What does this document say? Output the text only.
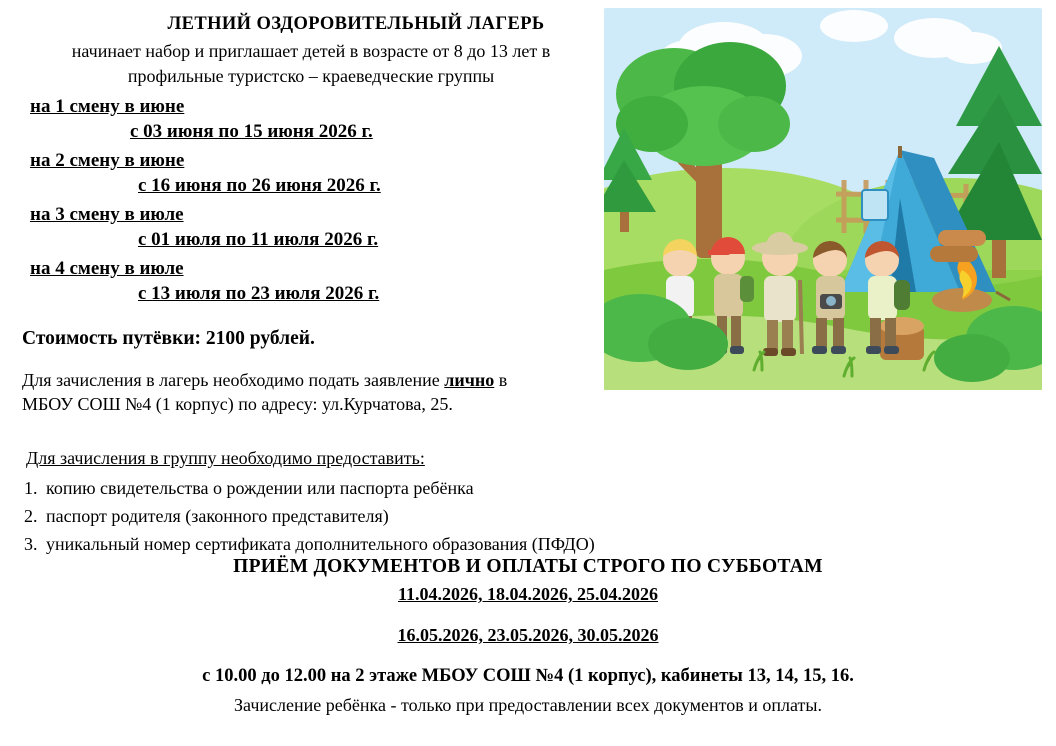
ЛЕТНИЙ ОЗДОРОВИТЕЛЬНЫЙ ЛАГЕРЬ
начинает набор и приглашает детей в возрасте от 8 до 13 лет в
профильные туристско – краеведческие группы
на 1 смену в июне
с 03 июня по 15 июня 2026 г.
на 2 смену в июне
с 16 июня по 26 июня 2026 г.
на 3 смену в июле
с 01 июля по 11 июля 2026 г.
на 4 смену в июле
с 13 июля по 23 июля 2026 г.
Стоимость путёвки: 2100 рублей.
Для зачисления в лагерь необходимо подать заявление лично в
МБОУ СОШ №4 (1 корпус) по адресу: ул.Курчатова, 25.
Для зачисления в группу необходимо предоставить:
1. копию свидетельства о рождении или паспорта ребёнка
2. паспорт родителя (законного представителя)
3. уникальный номер сертификата дополнительного образования (ПФДО)
ПРИЁМ ДОКУМЕНТОВ И ОПЛАТЫ СТРОГО ПО СУББОТАМ
11.04.2026, 18.04.2026, 25.04.2026
16.05.2026, 23.05.2026, 30.05.2026
с 10.00 до 12.00 на 2 этаже МБОУ СОШ №4 (1 корпус), кабинеты 13, 14, 15, 16.
Зачисление ребёнка - только при предоставлении всех документов и оплаты.
